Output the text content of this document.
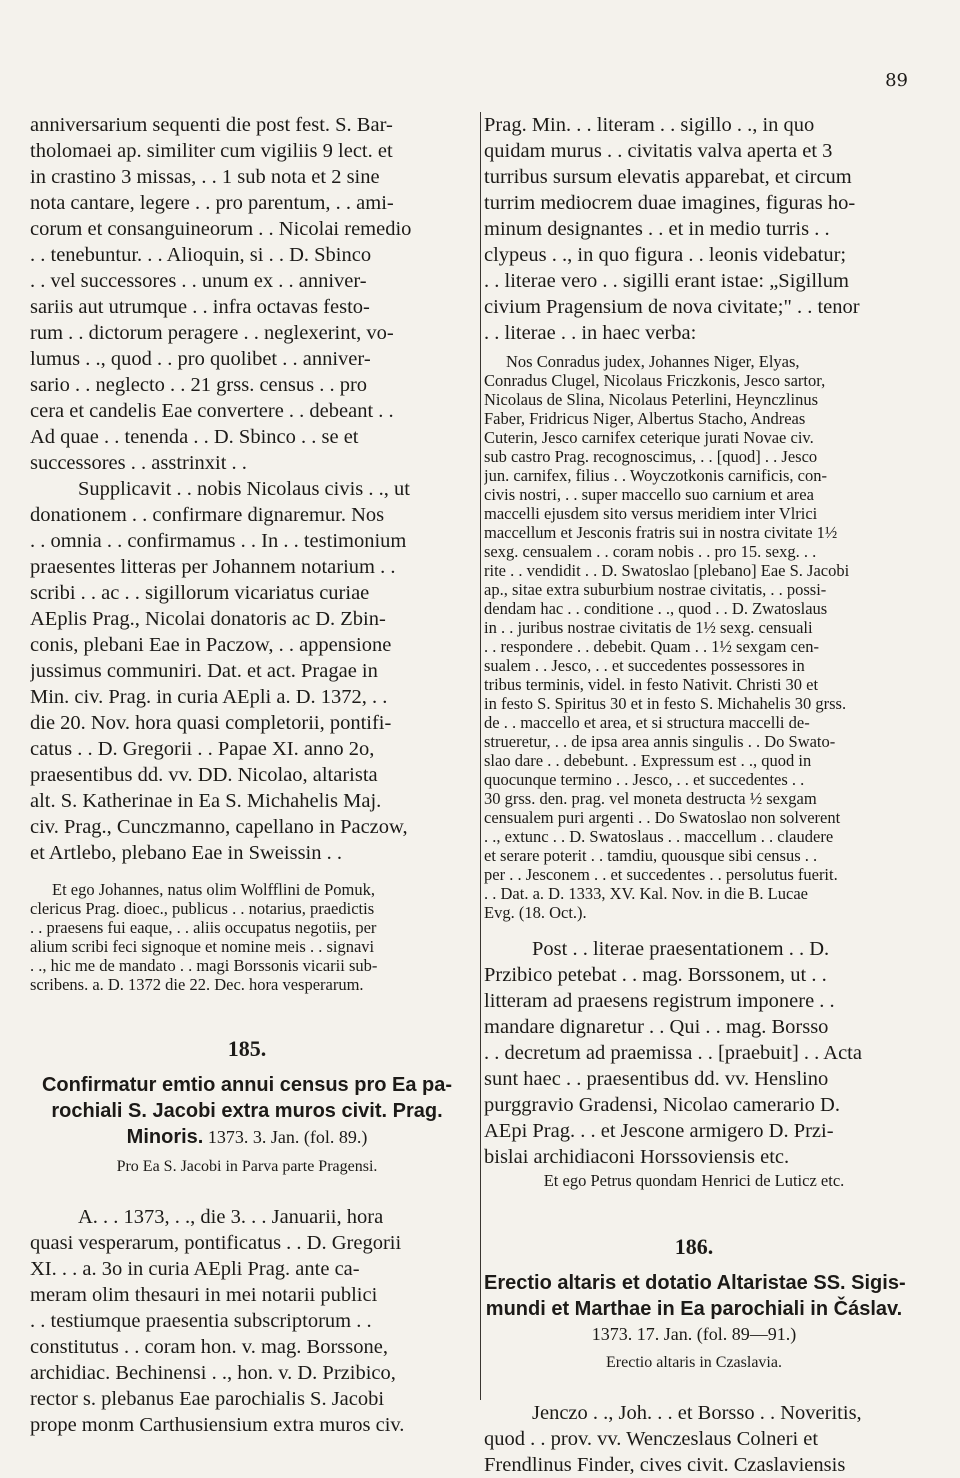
89
anniversarium sequenti die post fest. S. Bar-
tholomaei ap. similiter cum vigiliis 9 lect. et
in crastino 3 missas, . . 1 sub nota et 2 sine
nota cantare, legere . . pro parentum, . . ami-
corum et consanguineorum . . Nicolai remedio
. . tenebuntur. . . Alioquin, si . . D. Sbinco
. . vel successores . . unum ex . . anniver-
sariis aut utrumque . . infra octavas festo-
rum . . dictorum peragere . . neglexerint, vo-
lumus . ., quod . . pro quolibet . . anniver-
sario . . neglecto . . 21 grss. census . . pro
cera et candelis Eae convertere . . debeant . .
Ad quae . . tenenda . . D. Sbinco . . se et
successores . . asstrinxit . .
Supplicavit . . nobis Nicolaus civis . ., ut
donationem . . confirmare dignaremur. Nos
. . omnia . . confirmamus . . In . . testimonium
praesentes litteras per Johannem notarium . .
scribi . . ac . . sigillorum vicariatus curiae
AEplis Prag., Nicolai donatoris ac D. Zbin-
conis, plebani Eae in Paczow, . . appensione
jussimus communiri. Dat. et act. Pragae in
Min. civ. Prag. in curia AEpli a. D. 1372, . .
die 20. Nov. hora quasi completorii, pontifi-
catus . . D. Gregorii . . Papae XI. anno 2o,
praesentibus dd. vv. DD. Nicolao, altarista
alt. S. Katherinae in Ea S. Michahelis Maj.
civ. Prag., Cunczmanno, capellano in Paczow,
et Artlebo, plebano Eae in Sweissin . .
Et ego Johannes, natus olim Wolfflini de Pomuk,
clericus Prag. dioec., publicus . . notarius, praedictis
. . praesens fui eaque, . . aliis occupatus negotiis, per
alium scribi feci signoque et nomine meis . . signavi
. ., hic me de mandato . . magi Borssonis vicarii sub-
scribens. a. D. 1372 die 22. Dec. hora vesperarum.
185.
Confirmatur emtio annui census pro Ea pa-
rochiali S. Jacobi extra muros civit. Prag.
Minoris. 1373. 3. Jan. (fol. 89.)
Pro Ea S. Jacobi in Parva parte Pragensi.
A. . . 1373, . ., die 3. . . Januarii, hora
quasi vesperarum, pontificatus . . D. Gregorii
XI. . . a. 3o in curia AEpli Prag. ante ca-
meram olim thesauri in mei notarii publici
. . testiumque praesentia subscriptorum . .
constitutus . . coram hon. v. mag. Borssone,
archidiac. Bechinensi . ., hon. v. D. Przibico,
rector s. plebanus Eae parochialis S. Jacobi
prope monm Carthusiensium extra muros civ.
Prag. Min. . . literam . . sigillo . ., in quo
quidam murus . . civitatis valva aperta et 3
turribus sursum elevatis apparebat, et circum
turrim mediocrem duae imagines, figuras ho-
minum designantes . . et in medio turris . .
clypeus . ., in quo figura . . leonis videbatur;
. . literae vero . . sigilli erant istae: „Sigillum
civium Pragensium de nova civitate;" . . tenor
. . literae . . in haec verba:
Nos Conradus judex, Johannes Niger, Elyas,
Conradus Clugel, Nicolaus Friczkonis, Jesco sartor,
Nicolaus de Slina, Nicolaus Peterlini, Heynczlinus
Faber, Fridricus Niger, Albertus Stacho, Andreas
Cuterin, Jesco carnifex ceterique jurati Novae civ.
sub castro Prag. recognoscimus, . . [quod] . . Jesco
jun. carnifex, filius . . Woyczotkonis carnificis, con-
civis nostri, . . super maccello suo carnium et area
maccelli ejusdem sito versus meridiem inter Vlrici
maccellum et Jesconis fratris sui in nostra civitate 1½
sexg. censualem . . coram nobis . . pro 15. sexg. . .
rite . . vendidit . . D. Swatoslao [plebano] Eae S. Jacobi
ap., sitae extra suburbium nostrae civitatis, . . possi-
dendam hac . . conditione . ., quod . . D. Zwatoslaus
in . . juribus nostrae civitatis de 1½ sexg. censuali
. . respondere . . debebit. Quam . . 1½ sexgam cen-
sualem . . Jesco, . . et succedentes possessores in
tribus terminis, videl. in festo Nativit. Christi 30 et
in festo S. Spiritus 30 et in festo S. Michahelis 30 grss.
de . . maccello et area, et si structura maccelli de-
strueretur, . . de ipsa area annis singulis . . Do Swato-
slao dare . . debebunt. . Expressum est . ., quod in
quocunque termino . . Jesco, . . et succedentes . .
30 grss. den. prag. vel moneta destructa ½ sexgam
censualem puri argenti . . Do Swatoslao non solverent
. ., extunc . . D. Swatoslaus . . maccellum . . claudere
et serare poterit . . tamdiu, quousque sibi census . .
per . . Jesconem . . et succedentes . . persolutus fuerit.
. . Dat. a. D. 1333, XV. Kal. Nov. in die B. Lucae
Evg. (18. Oct.).
Post . . literae praesentationem . . D.
Przibico petebat . . mag. Borssonem, ut . .
litteram ad praesens registrum imponere . .
mandare dignaretur . . Qui . . mag. Borsso
. . decretum ad praemissa . . [praebuit] . . Acta
sunt haec . . praesentibus dd. vv. Henslino
purggravio Gradensi, Nicolao camerario D.
AEpi Prag. . . et Jescone armigero D. Przi-
bislai archidiaconi Horssoviensis etc.
Et ego Petrus quondam Henrici de Luticz etc.
186.
Erectio altaris et dotatio Altaristae SS. Sigis-
mundi et Marthae in Ea parochiali in Čáslav.
1373. 17. Jan. (fol. 89—91.)
Erectio altaris in Czaslavia.
Jenczo . ., Joh. . . et Borsso . . Noveritis,
quod . . prov. vv. Wenczeslaus Colneri et
Frendlinus Finder, cives civit. Czaslaviensis
